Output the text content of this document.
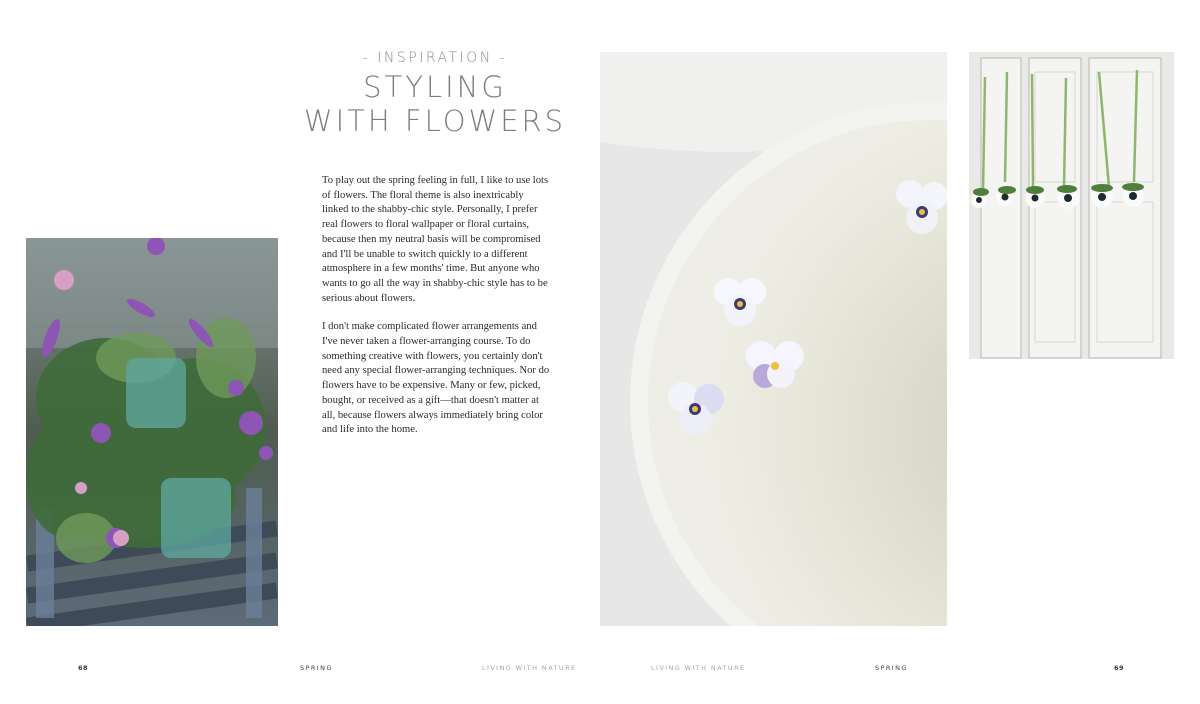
- INSPIRATION -
STYLING
WITH FLOWERS

To play out the spring feeling in full, I like to use lots of flowers. The floral theme is also inextricably linked to the shabby-chic style. Personally, I prefer real flowers to floral wallpaper or floral curtains, because then my neutral basis will be compromised and I'll be unable to switch quickly to a different atmosphere in a few months' time. But anyone who wants to go all the way in shabby-chic style has to be serious about flowers.

I don't make complicated flower arrangements and I've never taken a flower-arranging course. To do something creative with flowers, you certainly don't need any special flower-arranging techniques. Nor do flowers have to be expensive. Many or few, picked, bought, or received as a gift—that doesn't matter at all, because flowers always immediately bring color and life into the home.

68	SPRING	LIVING WITH NATURE	LIVING WITH NATURE	SPRING	69
